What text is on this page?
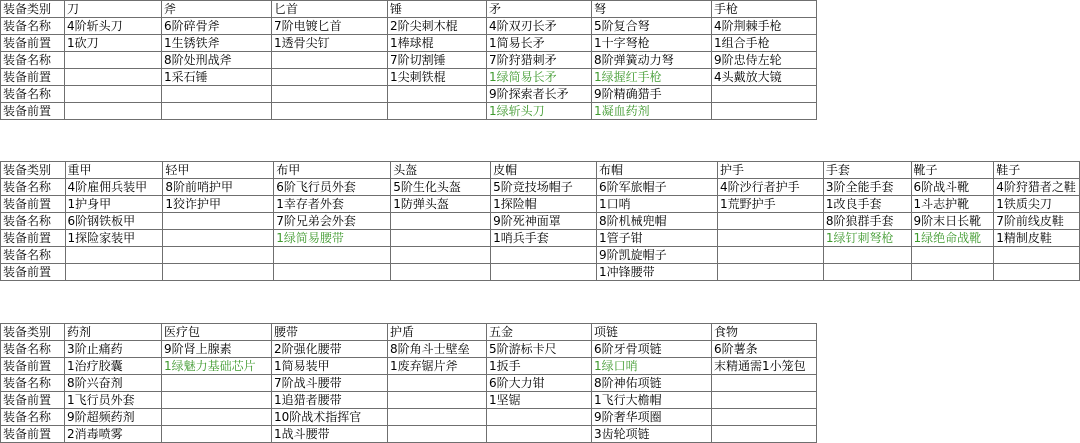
装备类别	刀	斧	匕首	锤	矛	弩	手枪
装备名称	4阶斩头刀	6阶碎骨斧	7阶电镀匕首	2阶尖刺木棍	4阶双刃长矛	5阶复合弩	4阶荆棘手枪
装备前置	1砍刀	1生锈铁斧	1透骨尖钉	1棒球棍	1简易长矛	1十字弩枪	1组合手枪
装备名称		8阶处刑战斧		7阶切割锤	7阶狩猎刺矛	8阶弹簧动力弩	9阶忠侍左轮
装备前置		1采石锤		1尖刺铁棍	1绿简易长矛	1绿握红手枪	4头戴放大镜
装备名称					9阶探索者长矛	9阶精确猎手	
装备前置					1绿斩头刀	1凝血药剂	
装备类别	重甲	轻甲	布甲	头盔	皮帽	布帽	护手	手套	靴子	鞋子
装备名称	4阶雇佣兵装甲	8阶前哨护甲	6阶飞行员外套	5阶生化头盔	5阶竞技场帽子	6阶军旅帽子	4阶沙行者护手	3阶全能手套	6阶战斗靴	4阶狩猎者之鞋
装备前置	1护身甲	1狡诈护甲	1幸存者外套	1防弹头盔	1探险帽	1口哨	1荒野护手	1改良手套	1斗志护靴	1铁质尖刀
装备名称	6阶钢铁板甲		7阶兄弟会外套		9阶死神面罩	8阶机械兜帽		8阶狼群手套	9阶末日长靴	7阶前线皮鞋
装备前置	1探险家装甲		1绿简易腰带		1哨兵手套	1管子钳		1绿钉刺弩枪	1绿绝命战靴	1精制皮鞋
装备名称						9阶凯旋帽子				
装备前置						1冲锋腰带				
装备类别	药剂	医疗包	腰带	护盾	五金	项链	食物
装备名称	3阶止痛药	9阶肾上腺素	2阶强化腰带	8阶角斗士壁垒	5阶游标卡尺	6阶牙骨项链	6阶薯条
装备前置	1治疗胶囊	1绿魅力基础芯片	1简易装甲	1废弃锯片斧	1扳手	1绿口哨	末精通需1小笼包
装备名称	8阶兴奋剂		7阶战斗腰带		6阶大力钳	8阶神佑项链	
装备前置	1飞行员外套		1追猎者腰带		1坚锯	1飞行大檐帽	
装备名称	9阶超频药剂		10阶战术指挥官			9阶奢华项圈	
装备前置	2消毒喷雾		1战斗腰带			3齿轮项链	
